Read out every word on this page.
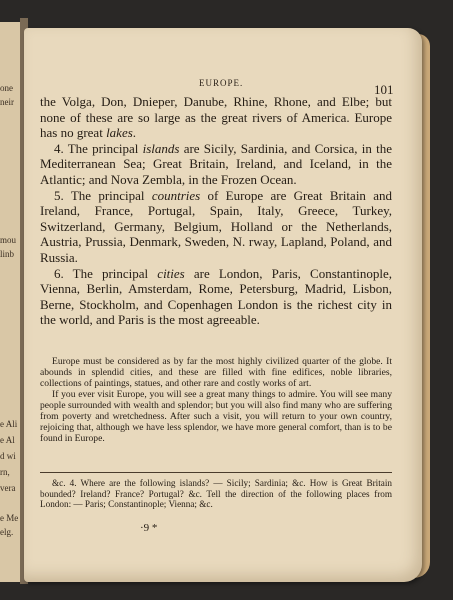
one
neir
mou
linb
e Ali
e Al
d wi
rn,
vera
e Me
elg.
EUROPE.	101

the Volga, Don, Dnieper, Danube, Rhine, Rhone, and Elbe; but none of these are so large as the great rivers of America. Europe has no great lakes.

4. The principal islands are Sicily, Sardinia, and Corsica, in the Mediterranean Sea; Great Britain, Ireland, and Iceland, in the Atlantic; and Nova Zembla, in the Frozen Ocean.

5. The principal countries of Europe are Great Britain and Ireland, France, Portugal, Spain, Italy, Greece, Turkey, Switzerland, Germany, Belgium, Holland or the Netherlands, Austria, Prussia, Denmark, Sweden, N. rway, Lapland, Poland, and Russia.

6. The principal cities are London, Paris, Constantinople, Vienna, Berlin, Amsterdam, Rome, Petersburg, Madrid, Lisbon, Berne, Stockholm, and Copenhagen London is the richest city in the world, and Paris is the most agreeable.

Europe must be considered as by far the most highly civilized quarter of the globe. It abounds in splendid cities, and these are filled with fine edifices, noble libraries, collections of paintings, statues, and other rare and costly works of art.

If you ever visit Europe, you will see a great many things to admire. You will see many people surrounded with wealth and splendor; but you will also find many who are suffering from poverty and wretchedness. After such a visit, you will return to your own country, rejoicing that, although we have less splendor, we have more general comfort, than is to be found in Europe.

&c. 4. Where are the following islands? — Sicily; Sardinia; &c. How is Great Britain bounded? Ireland? France? Portugal? &c. Tell the direction of the following places from London: — Paris; Constantinople; Vienna; &c.
·9 *
